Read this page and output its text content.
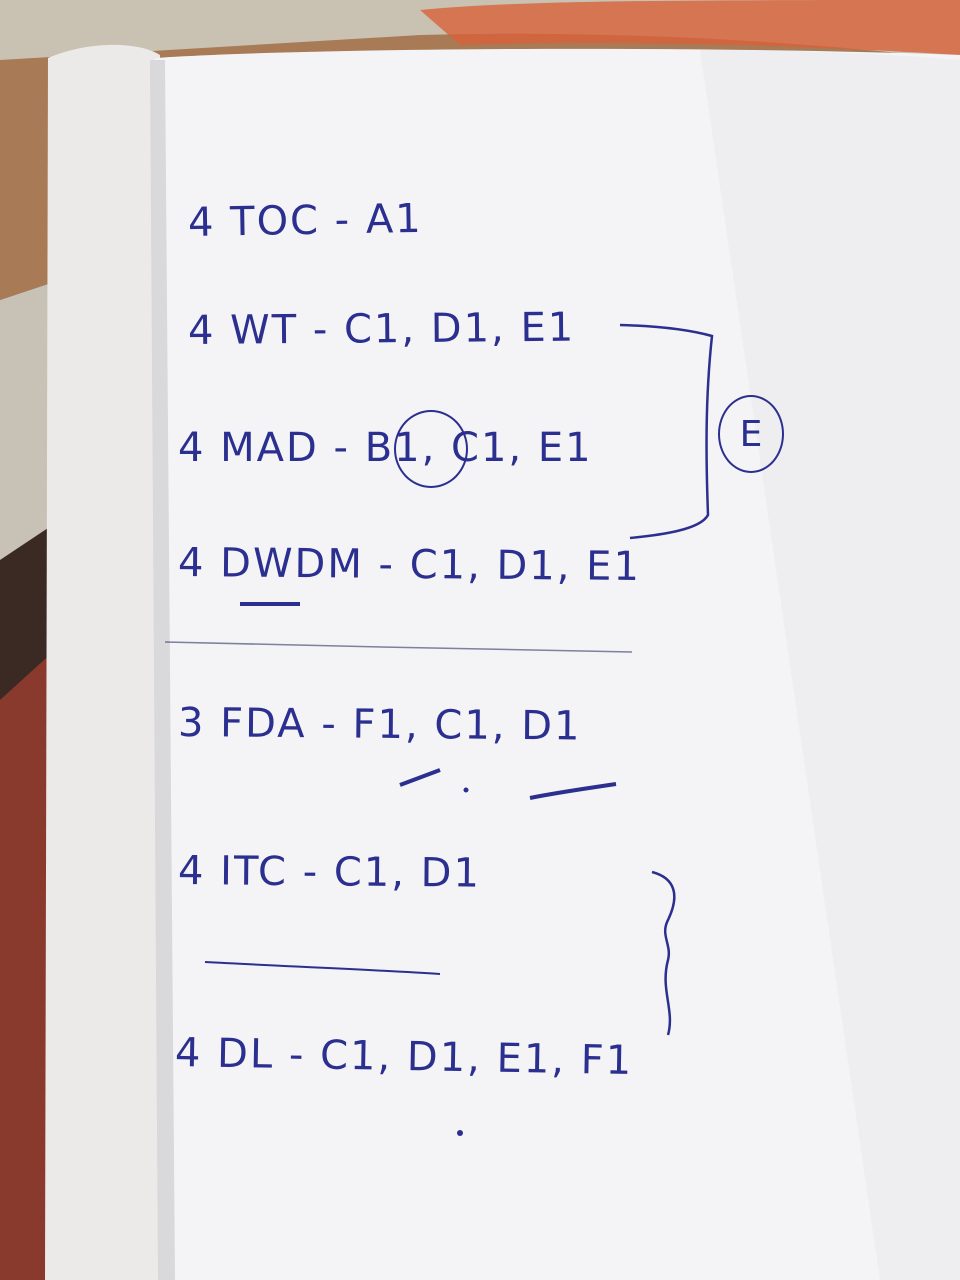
4 TOC - A1
4 WT - C1, D1, E1
4 MAD - B1, C1, E1	E
4 DWDM - C1, D1, E1
3 FDA - F1, C1, D1
4 ITC - C1, D1
4 DL - C1, D1, E1, F1
